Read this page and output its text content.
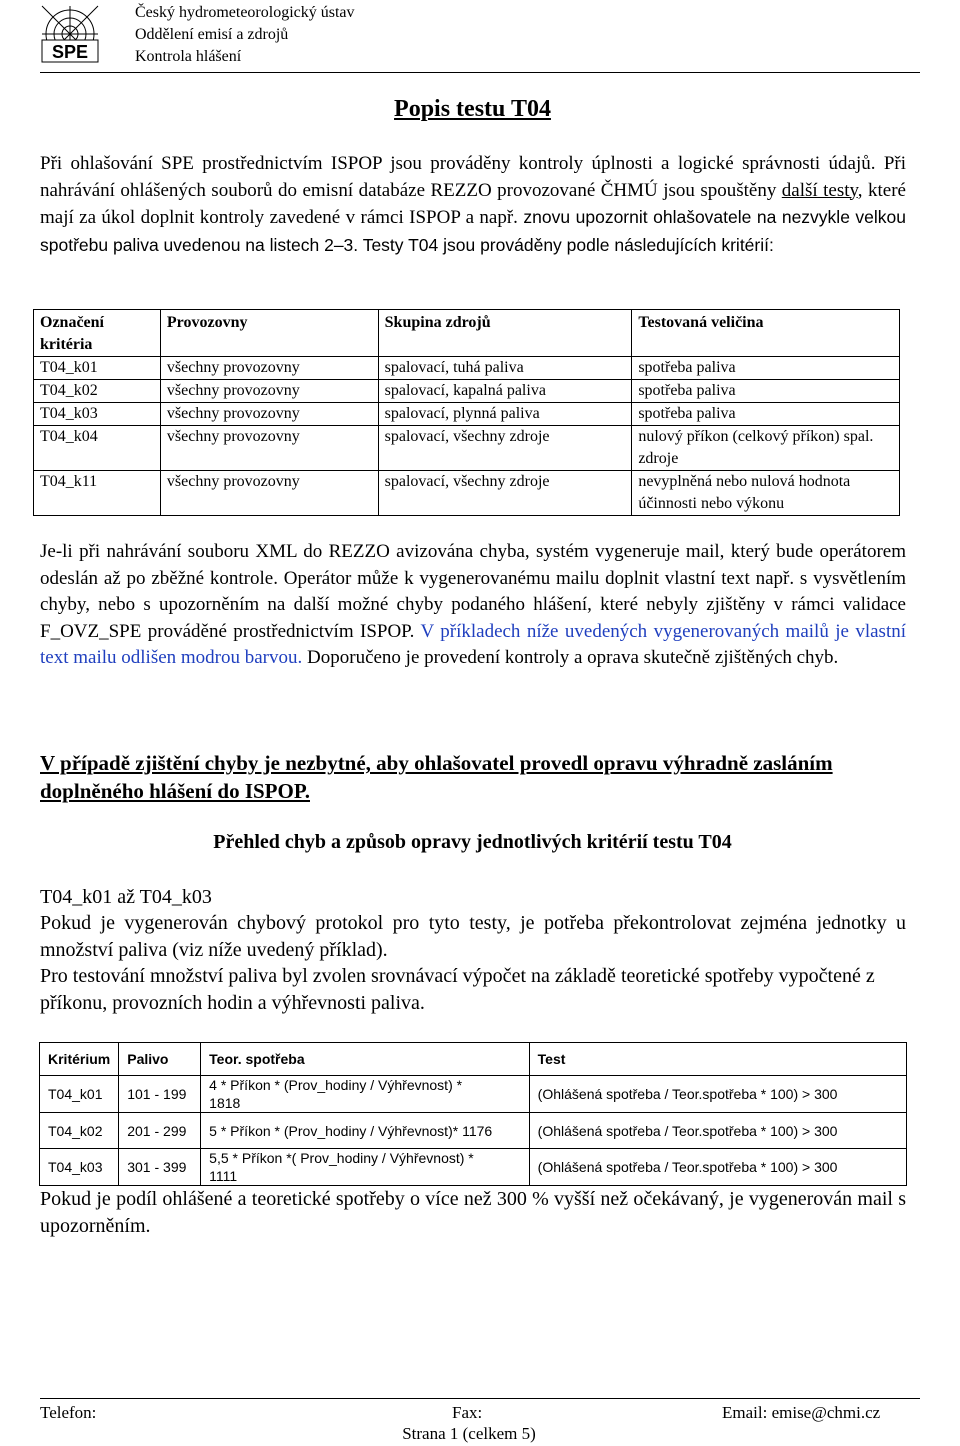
SPE
Český hydrometeorologický ústav
Oddělení emisí a zdrojů
Kontrola hlášení
Popis testu T04
Při ohlašování SPE prostřednictvím ISPOP jsou prováděny kontroly úplnosti a logické správnosti údajů. Při nahrávání ohlášených souborů do emisní databáze REZZO provozované ČHMÚ jsou spouštěny další testy, které mají za úkol doplnit kontroly zavedené v rámci ISPOP a např. znovu upozornit ohlašovatele na nezvykle velkou spotřebu paliva uvedenou na listech 2–3. Testy T04 jsou prováděny podle následujících kritérií:
Označení kritéria	Provozovny	Skupina zdrojů	Testovaná veličina
T04_k01	všechny provozovny	spalovací, tuhá paliva	spotřeba paliva
T04_k02	všechny provozovny	spalovací, kapalná paliva	spotřeba paliva
T04_k03	všechny provozovny	spalovací, plynná paliva	spotřeba paliva
T04_k04	všechny provozovny	spalovací, všechny zdroje	nulový příkon (celkový příkon) spal. zdroje
T04_k11	všechny provozovny	spalovací, všechny zdroje	nevyplněná nebo nulová hodnota účinnosti nebo výkonu
Je-li při nahrávání souboru XML do REZZO avizována chyba, systém vygeneruje mail, který bude operátorem odeslán až po zběžné kontrole. Operátor může k vygenerovanému mailu doplnit vlastní text např. s vysvětlením chyby, nebo s upozorněním na další možné chyby podaného hlášení, které nebyly zjištěny v rámci validace F_OVZ_SPE prováděné prostřednictvím ISPOP. V příkladech níže uvedených vygenerovaných mailů je vlastní text mailu odlišen modrou barvou. Doporučeno je provedení kontroly a oprava skutečně zjištěných chyb.
V případě zjištění chyby je nezbytné, aby ohlašovatel provedl opravu výhradně zasláním doplněného hlášení do ISPOP.
Přehled chyb a způsob opravy jednotlivých kritérií testu T04
T04_k01 až T04_k03
Pokud je vygenerován chybový protokol pro tyto testy, je potřeba překontrolovat zejména jednotky u množství paliva (viz níže uvedený příklad).
Pro testování množství paliva byl zvolen srovnávací výpočet na základě teoretické spotřeby vypočtené z příkonu, provozních hodin a výhřevnosti paliva.
Kritérium	Palivo	Teor. spotřeba	Test
T04_k01	101 - 199	4 * Příkon * (Prov_hodiny / Výhřevnost) * 1818	(Ohlášená spotřeba / Teor.spotřeba * 100) > 300
T04_k02	201 - 299	5 * Příkon * (Prov_hodiny / Výhřevnost)* 1176	(Ohlášená spotřeba / Teor.spotřeba * 100) > 300
T04_k03	301 - 399	5,5 * Příkon *( Prov_hodiny / Výhřevnost) * 1111	(Ohlášená spotřeba / Teor.spotřeba * 100) > 300
Pokud je podíl ohlášené a teoretické spotřeby o více než 300 % vyšší než očekávaný, je vygenerován mail s upozorněním.
Telefon:	Fax:	Email: emise@chmi.cz
Strana 1 (celkem 5)
